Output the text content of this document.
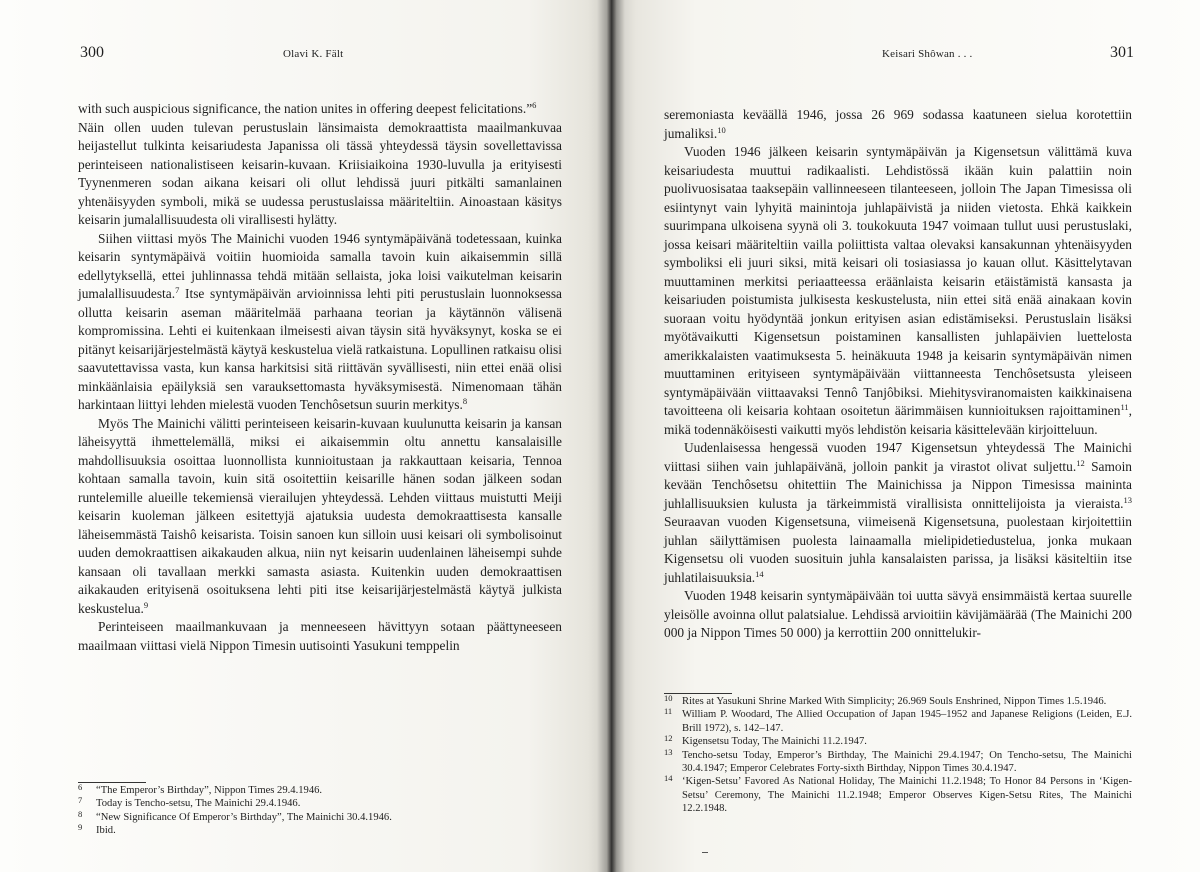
300	Olavi K. Fält

with such auspicious significance, the nation unites in offering deepest felicitations.”$^6$

Näin ollen uuden tulevan perustuslain länsimaista demokraattista maailmankuvaa heijastellut tulkinta keisariudesta Japanissa oli tässä yhteydessä täysin sovellettavissa perinteiseen nationalistiseen keisarin-kuvaan. Kriisiaikoina 1930-luvulla ja erityisesti Tyynenmeren sodan aikana keisari oli ollut lehdissä juuri pitkälti samanlainen yhtenäisyyden symboli, mikä se uudessa perustuslaissa määriteltiin. Ainoastaan käsitys keisarin jumalallisuudesta oli virallisesti hylätty.

Siihen viittasi myös The Mainichi vuoden 1946 syntymäpäivänä todetessaan, kuinka keisarin syntymäpäivä voitiin huomioida samalla tavoin kuin aikaisemmin sillä edellytyksellä, ettei juhlinnassa tehdä mitään sellaista, joka loisi vaikutelman keisarin jumalallisuudesta.$^7$ Itse syntymäpäivän arvioinnissa lehti piti perustuslain luonnoksessa ollutta keisarin aseman määritelmää parhaana teorian ja käytännön välisenä kompromissina. Lehti ei kuitenkaan ilmeisesti aivan täysin sitä hyväksynyt, koska se ei pitänyt keisarijärjestelmästä käytyä keskustelua vielä ratkaistuna. Lopullinen ratkaisu olisi saavutettavissa vasta, kun kansa harkitsisi sitä riittävän syvällisesti, niin ettei enää olisi minkäänlaisia epäilyksiä sen varauksettomasta hyväksymisestä. Nimenomaan tähän harkintaan liittyi lehden mielestä vuoden Tenchôsetsun suurin merkitys.$^8$

Myös The Mainichi välitti perinteiseen keisarin-kuvaan kuulunutta keisarin ja kansan läheisyyttä ihmettelemällä, miksi ei aikaisemmin oltu annettu kansalaisille mahdollisuuksia osoittaa luonnollista kunnioitustaan ja rakkauttaan keisaria, Tennoa kohtaan samalla tavoin, kuin sitä osoitettiin keisarille hänen sodan jälkeen sodan runtelemille alueille tekemiensä vierailujen yhteydessä. Lehden viittaus muistutti Meiji keisarin kuoleman jälkeen esitettyjä ajatuksia uudesta demokraattisesta kansalle läheisemmästä Taishô keisarista. Toisin sanoen kun silloin uusi keisari oli symbolisoinut uuden demokraattisen aikakauden alkua, niin nyt keisarin uudenlainen läheisempi suhde kansaan oli tavallaan merkki samasta asiasta. Kuitenkin uuden demokraattisen aikakauden erityisenä osoituksena lehti piti itse keisarijärjestelmästä käytyä julkista keskustelua.$^9$

Perinteiseen maailmankuvaan ja menneeseen hävittyyn sotaan päättyneeseen maailmaan viittasi vielä Nippon Timesin uutisointi Yasukuni temppelin

6 “The Emperor’s Birthday”, Nippon Times 29.4.1946.

7 Today is Tencho-setsu, The Mainichi 29.4.1946.

8 “New Significance Of Emperor’s Birthday”, The Mainichi 30.4.1946.

9 Ibid.

Keisari Shôwan . . .	301

seremoniasta keväällä 1946, jossa 26 969 sodassa kaatuneen sielua korotettiin jumaliksi.$^{10}$

Vuoden 1946 jälkeen keisarin syntymäpäivän ja Kigensetsun välittämä kuva keisariudesta muuttui radikaalisti. Lehdistössä ikään kuin palattiin noin puolivuosisataa taaksepäin vallinneeseen tilanteeseen, jolloin The Japan Timesissa oli esiintynyt vain lyhyitä mainintoja juhlapäivistä ja niiden vietosta. Ehkä kaikkein suurimpana ulkoisena syynä oli 3. toukokuuta 1947 voimaan tullut uusi perustuslaki, jossa keisari määriteltiin vailla poliittista valtaa olevaksi kansakunnan yhtenäisyyden symboliksi eli juuri siksi, mitä keisari oli tosiasiassa jo kauan ollut. Käsittelytavan muuttaminen merkitsi periaatteessa eräänlaista keisarin etäistämistä kansasta ja keisariuden poistumista julkisesta keskustelusta, niin ettei sitä enää ainakaan kovin suoraan voitu hyödyntää jonkun erityisen asian edistämiseksi. Perustuslain lisäksi myötävaikutti Kigensetsun poistaminen kansallisten juhlapäivien luettelosta amerikkalaisten vaatimuksesta 5. heinäkuuta 1948 ja keisarin syntymäpäivän nimen muuttaminen erityiseen syntymäpäivään viittanneesta Tenchôsetsusta yleiseen syntymäpäivään viittaavaksi Tennô Tanjôbiksi. Miehitysviranomaisten kaikkinaisena tavoitteena oli keisaria kohtaan osoitetun äärimmäisen kunnioituksen rajoittaminen$^{11}$, mikä todennäköisesti vaikutti myös lehdistön keisaria käsittelevään kirjoitteluun.

Uudenlaisessa hengessä vuoden 1947 Kigensetsun yhteydessä The Mainichi viittasi siihen vain juhlapäivänä, jolloin pankit ja virastot olivat suljettu.$^{12}$ Samoin kevään Tenchôsetsu ohitettiin The Mainichissa ja Nippon Timesissa maininta juhlallisuuksien kulusta ja tärkeimmistä virallisista onnittelijoista ja vieraista.$^{13}$ Seuraavan vuoden Kigensetsuna, viimeisenä Kigensetsuna, puolestaan kirjoitettiin juhlan säilyttämisen puolesta lainaamalla mielipidetiedustelua, jonka mukaan Kigensetsu oli vuoden suosituin juhla kansalaisten parissa, ja lisäksi käsiteltiin itse juhlatilaisuuksia.$^{14}$

Vuoden 1948 keisarin syntymäpäivään toi uutta sävyä ensimmäistä kertaa suurelle yleisölle avoinna ollut palatsialue. Lehdissä arvioitiin kävijämäärää (The Mainichi 200 000 ja Nippon Times 50 000) ja kerrottiin 200 onnittelukir-

10 Rites at Yasukuni Shrine Marked With Simplicity; 26.969 Souls Enshrined, Nippon Times 1.5.1946.

11 William P. Woodard, The Allied Occupation of Japan 1945–1952 and Japanese Religions (Leiden, E.J. Brill 1972), s. 142–147.

12 Kigensetsu Today, The Mainichi 11.2.1947.

13 Tencho-setsu Today, Emperor’s Birthday, The Mainichi 29.4.1947; On Tencho-setsu, The Mainichi 30.4.1947; Emperor Celebrates Forty-sixth Birthday, Nippon Times 30.4.1947.

14 ‘Kigen-Setsu’ Favored As National Holiday, The Mainichi 11.2.1948; To Honor 84 Persons in ‘Kigen-Setsu’ Ceremony, The Mainichi 11.2.1948; Emperor Observes Kigen-Setsu Rites, The Mainichi 12.2.1948.
